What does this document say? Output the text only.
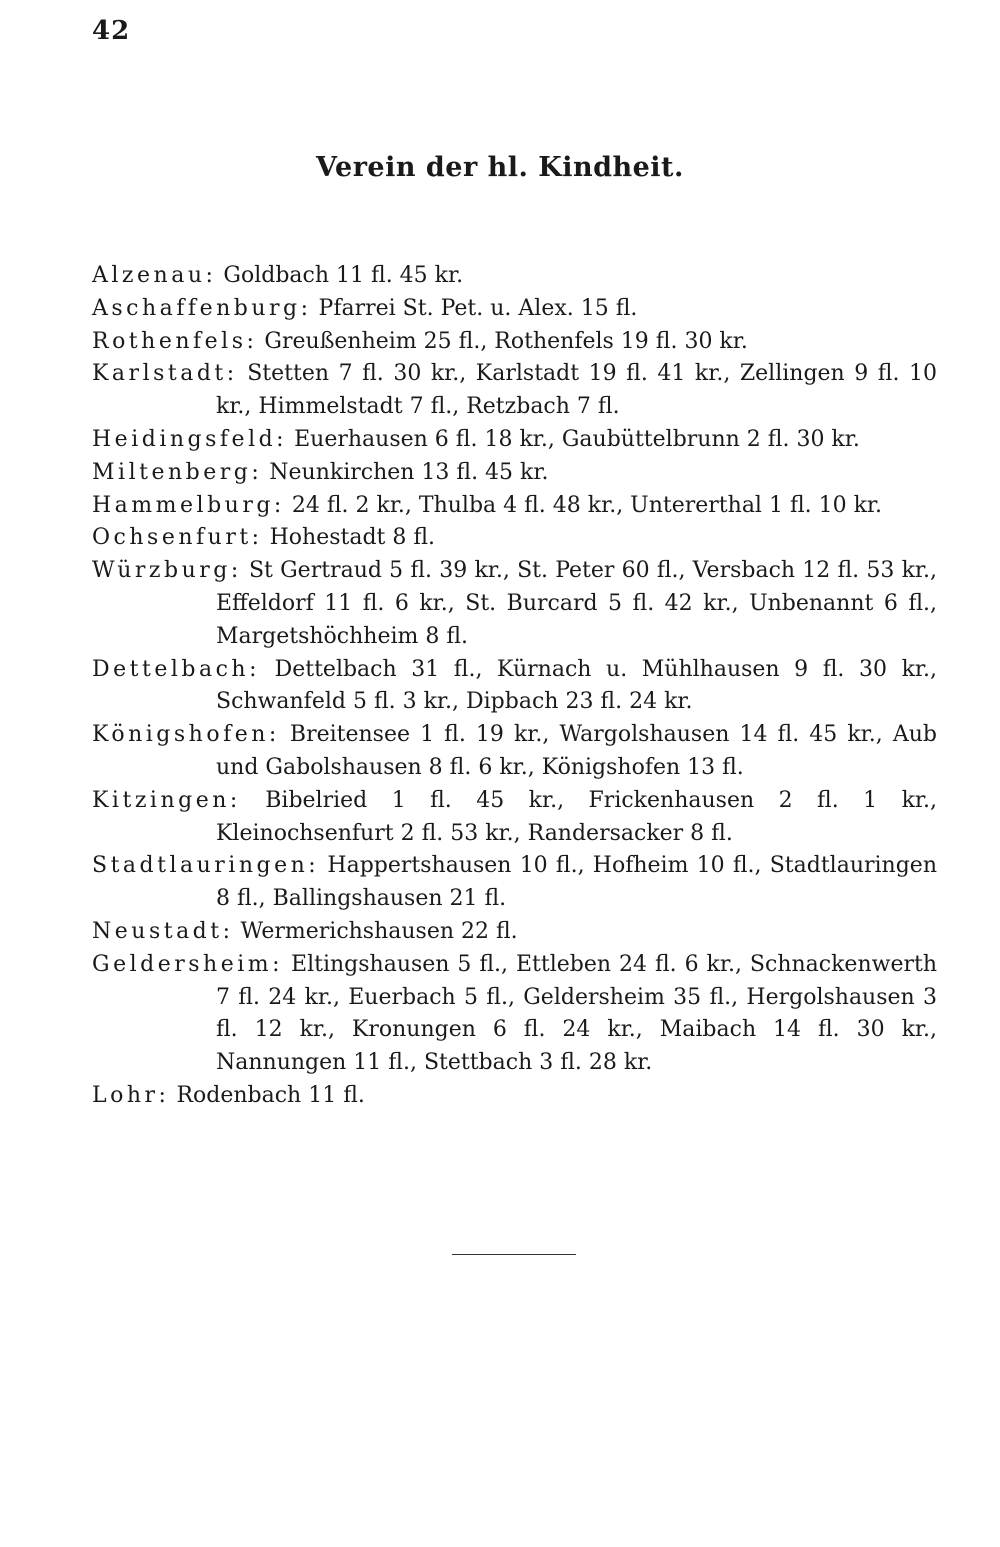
42
Verein der hl. Kindheit.
Alzenau: Goldbach 11 fl. 45 kr.
Aschaffenburg: Pfarrei St. Pet. u. Alex. 15 fl.
Rothenfels: Greußenheim 25 fl., Rothenfels 19 fl. 30 kr.
Karlstadt: Stetten 7 fl. 30 kr., Karlstadt 19 fl. 41 kr., Zellingen 9 fl. 10 kr., Himmelstadt 7 fl., Retzbach 7 fl.
Heidingsfeld: Euerhausen 6 fl. 18 kr., Gaubüttelbrunn 2 fl. 30 kr.
Miltenberg: Neunkirchen 13 fl. 45 kr.
Hammelburg: 24 fl. 2 kr., Thulba 4 fl. 48 kr., Untererthal 1 fl. 10 kr.
Ochsenfurt: Hohestadt 8 fl.
Würzburg: St Gertraud 5 fl. 39 kr., St. Peter 60 fl., Versbach 12 fl. 53 kr., Effeldorf 11 fl. 6 kr., St. Burcard 5 fl. 42 kr., Unbenannt 6 fl., Margetshöchheim 8 fl.
Dettelbach: Dettelbach 31 fl., Kürnach u. Mühlhausen 9 fl. 30 kr., Schwanfeld 5 fl. 3 kr., Dipbach 23 fl. 24 kr.
Königshofen: Breitensee 1 fl. 19 kr., Wargolshausen 14 fl. 45 kr., Aub und Gabolshausen 8 fl. 6 kr., Königshofen 13 fl.
Kitzingen: Bibelried 1 fl. 45 kr., Frickenhausen 2 fl. 1 kr., Kleinochsenfurt 2 fl. 53 kr., Randersacker 8 fl.
Stadtlauringen: Happertshausen 10 fl., Hofheim 10 fl., Stadtlauringen 8 fl., Ballingshausen 21 fl.
Neustadt: Wermerichshausen 22 fl.
Geldersheim: Eltingshausen 5 fl., Ettleben 24 fl. 6 kr., Schnackenwerth 7 fl. 24 kr., Euerbach 5 fl., Geldersheim 35 fl., Hergolshausen 3 fl. 12 kr., Kronungen 6 fl. 24 kr., Maibach 14 fl. 30 kr., Nannungen 11 fl., Stettbach 3 fl. 28 kr.
Lohr: Rodenbach 11 fl.
